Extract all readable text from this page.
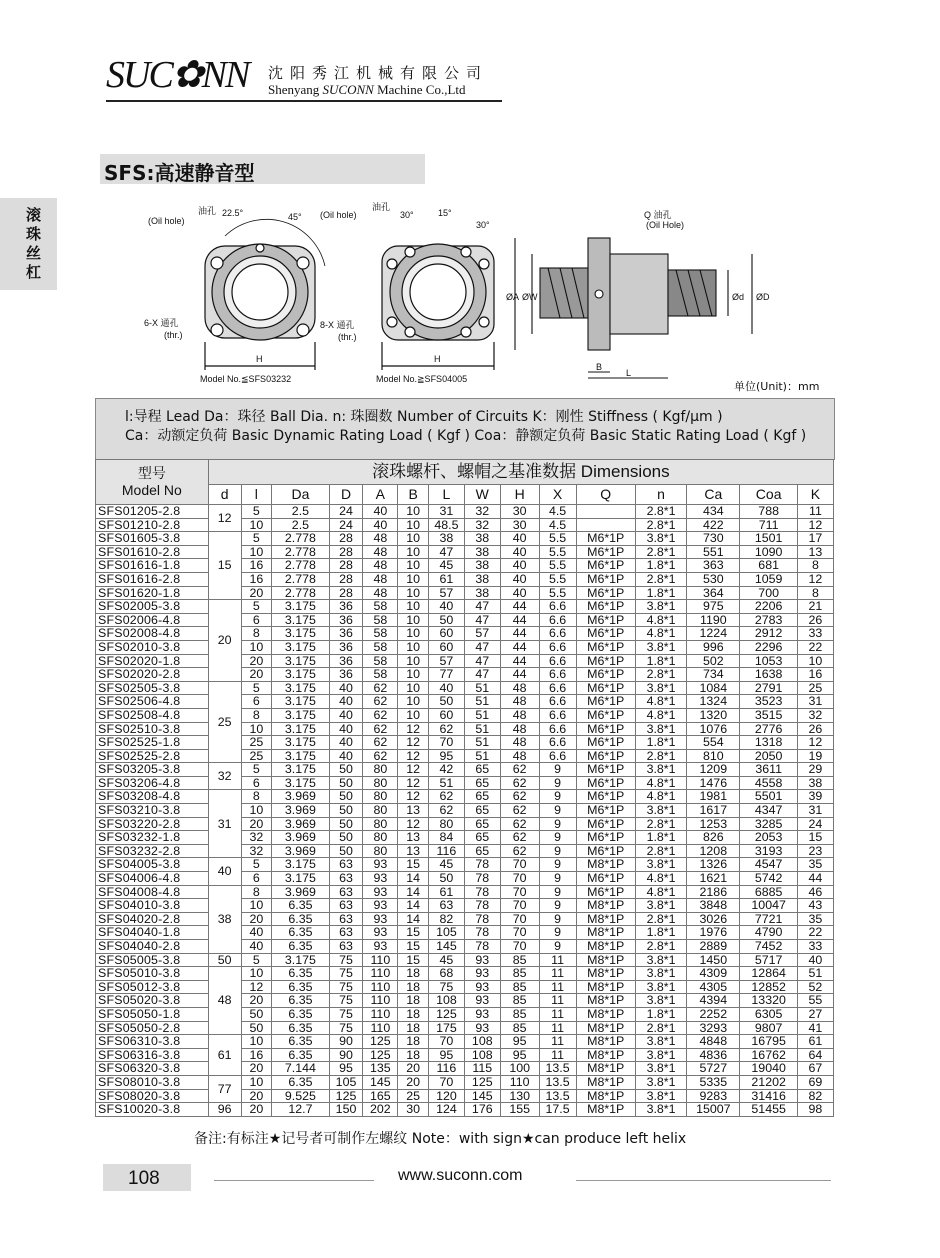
SUC✿NN 沈阳秀江机械有限公司
Shenyang SUCONN Machine Co.,Ltd
SFS:高速静音型
滚珠丝杠
油孔
(Oil hole)
22.5°	45°
6-X 通孔
(thr.)
H
Model No.≦SFS03232
油孔
(Oil hole)	30°	15°
30°
8-X 通孔
(thr.)
H
Model No.≧SFS04005
Q 油孔
(Oil Hole)
ØA ØW	Ød ØD
B
L
单位(Unit)：mm
l:导程 Lead Da：珠径 Ball Dia. n: 珠圈数 Number of Circuits K：刚性 Stiffness ( Kgf/μm )
Ca：动额定负荷 Basic Dynamic Rating Load ( Kgf ) Coa：静额定负荷 Basic Static Rating Load ( Kgf )
型号
Model No	滚珠螺杆、螺帽之基准数据 Dimensions														
	d	l	Da	D	A	B	L	W	H	X	Q	n	Ca	Coa	K
SFS01205-2.8	12	5	2.5	24	40	10	31	32	30	4.5		2.8*1	434	788	11
SFS01210-2.8		10	2.5	24	40	10	48.5	32	30	4.5		2.8*1	422	711	12
SFS01605-3.8	15	5	2.778	28	48	10	38	38	40	5.5	M6*1P	3.8*1	730	1501	17
SFS01610-2.8		10	2.778	28	48	10	47	38	40	5.5	M6*1P	2.8*1	551	1090	13
SFS01616-1.8		16	2.778	28	48	10	45	38	40	5.5	M6*1P	1.8*1	363	681	8
SFS01616-2.8		16	2.778	28	48	10	61	38	40	5.5	M6*1P	2.8*1	530	1059	12
SFS01620-1.8		20	2.778	28	48	10	57	38	40	5.5	M6*1P	1.8*1	364	700	8
SFS02005-3.8	20	5	3.175	36	58	10	40	47	44	6.6	M6*1P	3.8*1	975	2206	21
SFS02006-4.8		6	3.175	36	58	10	50	47	44	6.6	M6*1P	4.8*1	1190	2783	26
SFS02008-4.8		8	3.175	36	58	10	60	57	44	6.6	M6*1P	4.8*1	1224	2912	33
SFS02010-3.8		10	3.175	36	58	10	60	47	44	6.6	M6*1P	3.8*1	996	2296	22
SFS02020-1.8		20	3.175	36	58	10	57	47	44	6.6	M6*1P	1.8*1	502	1053	10
SFS02020-2.8		20	3.175	36	58	10	77	47	44	6.6	M6*1P	2.8*1	734	1638	16
SFS02505-3.8	25	5	3.175	40	62	10	40	51	48	6.6	M6*1P	3.8*1	1084	2791	25
SFS02506-4.8		6	3.175	40	62	10	50	51	48	6.6	M6*1P	4.8*1	1324	3523	31
SFS02508-4.8		8	3.175	40	62	10	60	51	48	6.6	M6*1P	4.8*1	1320	3515	32
SFS02510-3.8		10	3.175	40	62	12	62	51	48	6.6	M6*1P	3.8*1	1076	2776	26
SFS02525-1.8		25	3.175	40	62	12	70	51	48	6.6	M6*1P	1.8*1	554	1318	12
SFS02525-2.8		25	3.175	40	62	12	95	51	48	6.6	M6*1P	2.8*1	810	2050	19
SFS03205-3.8	32	5	3.175	50	80	12	42	65	62	9	M6*1P	3.8*1	1209	3611	29
SFS03206-4.8		6	3.175	50	80	12	51	65	62	9	M6*1P	4.8*1	1476	4558	38
SFS03208-4.8	31	8	3.969	50	80	12	62	65	62	9	M6*1P	4.8*1	1981	5501	39
SFS03210-3.8		10	3.969	50	80	13	62	65	62	9	M6*1P	3.8*1	1617	4347	31
SFS03220-2.8		20	3.969	50	80	12	80	65	62	9	M6*1P	2.8*1	1253	3285	24
SFS03232-1.8		32	3.969	50	80	13	84	65	62	9	M6*1P	1.8*1	826	2053	15
SFS03232-2.8		32	3.969	50	80	13	116	65	62	9	M6*1P	2.8*1	1208	3193	23
SFS04005-3.8	40	5	3.175	63	93	15	45	78	70	9	M8*1P	3.8*1	1326	4547	35
SFS04006-4.8		6	3.175	63	93	14	50	78	70	9	M6*1P	4.8*1	1621	5742	44
SFS04008-4.8	38	8	3.969	63	93	14	61	78	70	9	M6*1P	4.8*1	2186	6885	46
SFS04010-3.8		10	6.35	63	93	14	63	78	70	9	M8*1P	3.8*1	3848	10047	43
SFS04020-2.8		20	6.35	63	93	14	82	78	70	9	M8*1P	2.8*1	3026	7721	35
SFS04040-1.8		40	6.35	63	93	15	105	78	70	9	M8*1P	1.8*1	1976	4790	22
SFS04040-2.8		40	6.35	63	93	15	145	78	70	9	M8*1P	2.8*1	2889	7452	33
SFS05005-3.8	50	5	3.175	75	110	15	45	93	85	11	M8*1P	3.8*1	1450	5717	40
SFS05010-3.8	48	10	6.35	75	110	18	68	93	85	11	M8*1P	3.8*1	4309	12864	51
SFS05012-3.8		12	6.35	75	110	18	75	93	85	11	M8*1P	3.8*1	4305	12852	52
SFS05020-3.8		20	6.35	75	110	18	108	93	85	11	M8*1P	3.8*1	4394	13320	55
SFS05050-1.8		50	6.35	75	110	18	125	93	85	11	M8*1P	1.8*1	2252	6305	27
SFS05050-2.8		50	6.35	75	110	18	175	93	85	11	M8*1P	2.8*1	3293	9807	41
SFS06310-3.8	61	10	6.35	90	125	18	70	108	95	11	M8*1P	3.8*1	4848	16795	61
SFS06316-3.8		16	6.35	90	125	18	95	108	95	11	M8*1P	3.8*1	4836	16762	64
SFS06320-3.8		20	7.144	95	135	20	116	115	100	13.5	M8*1P	3.8*1	5727	19040	67
SFS08010-3.8	77	10	6.35	105	145	20	70	125	110	13.5	M8*1P	3.8*1	5335	21202	69
SFS08020-3.8		20	9.525	125	165	25	120	145	130	13.5	M8*1P	3.8*1	9283	31416	82
SFS10020-3.8	96	20	12.7	150	202	30	124	176	155	17.5	M8*1P	3.8*1	15007	51455	98
备注:有标注★记号者可制作左螺纹 Note：with sign★can produce left helix
108	www.suconn.com
